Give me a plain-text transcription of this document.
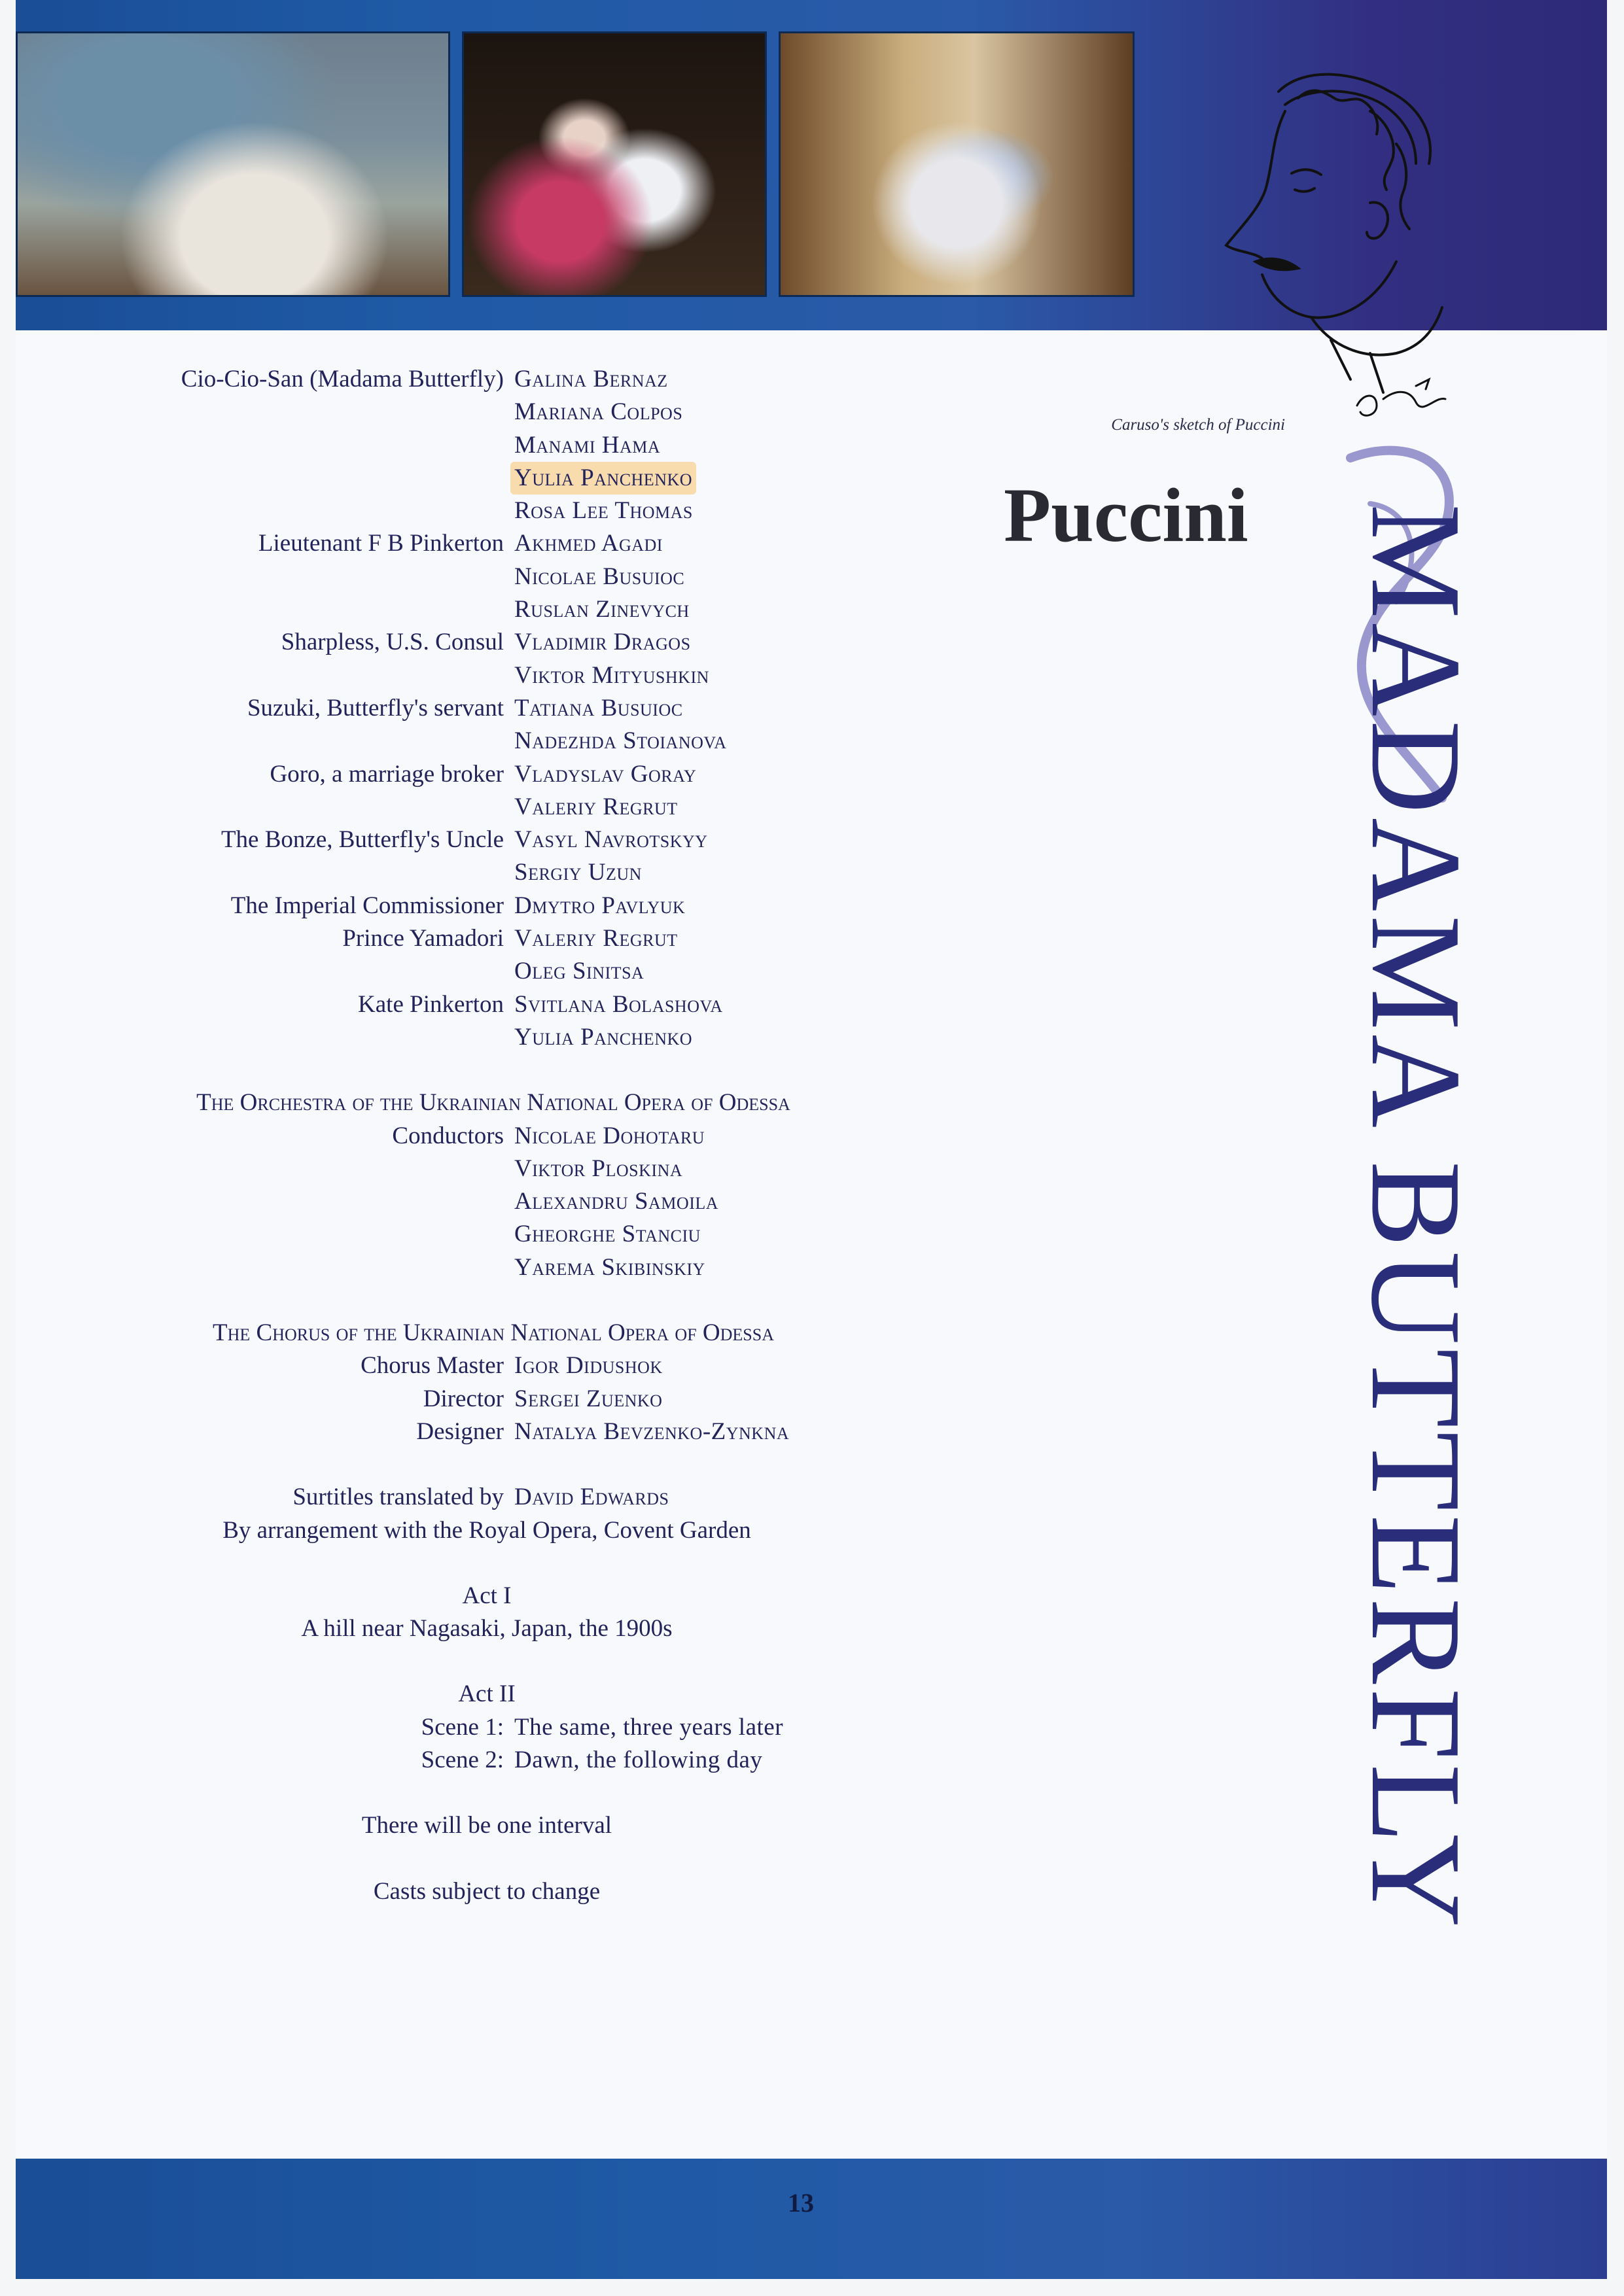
Cio-Cio-San (Madama Butterfly) Galina Bernaz
Mariana Colpos
Manami Hama
Yulia Panchenko
Rosa Lee Thomas
Lieutenant F B Pinkerton Akhmed Agadi
Nicolae Busuioc
Ruslan Zinevych
Sharpless, U.S. Consul Vladimir Dragos
Viktor Mityushkin
Suzuki, Butterfly's servant Tatiana Busuioc
Nadezhda Stoianova
Goro, a marriage broker Vladyslav Goray
Valeriy Regrut
The Bonze, Butterfly's Uncle Vasyl Navrotskyy
Sergiy Uzun
The Imperial Commissioner Dmytro Pavlyuk
Prince Yamadori Valeriy Regrut
Oleg Sinitsa
Kate Pinkerton Svitlana Bolashova
Yulia Panchenko
The Orchestra of the Ukrainian National Opera of Odessa
Conductors Nicolae Dohotaru
Viktor Ploskina
Alexandru Samoila
Gheorghe Stanciu
Yarema Skibinskiy
The Chorus of the Ukrainian National Opera of Odessa
Chorus Master Igor Didushok
Director Sergei Zuenko
Designer Natalya Bevzenko-Zynkna
Surtitles translated by David Edwards
By arrangement with the Royal Opera, Covent Garden
Act I
A hill near Nagasaki, Japan, the 1900s
Act II
Scene 1: The same, three years later
Scene 2: Dawn, the following day
There will be one interval
Casts subject to change
Caruso's sketch of Puccini
Puccini MADAMA BUTTERFLY
13
